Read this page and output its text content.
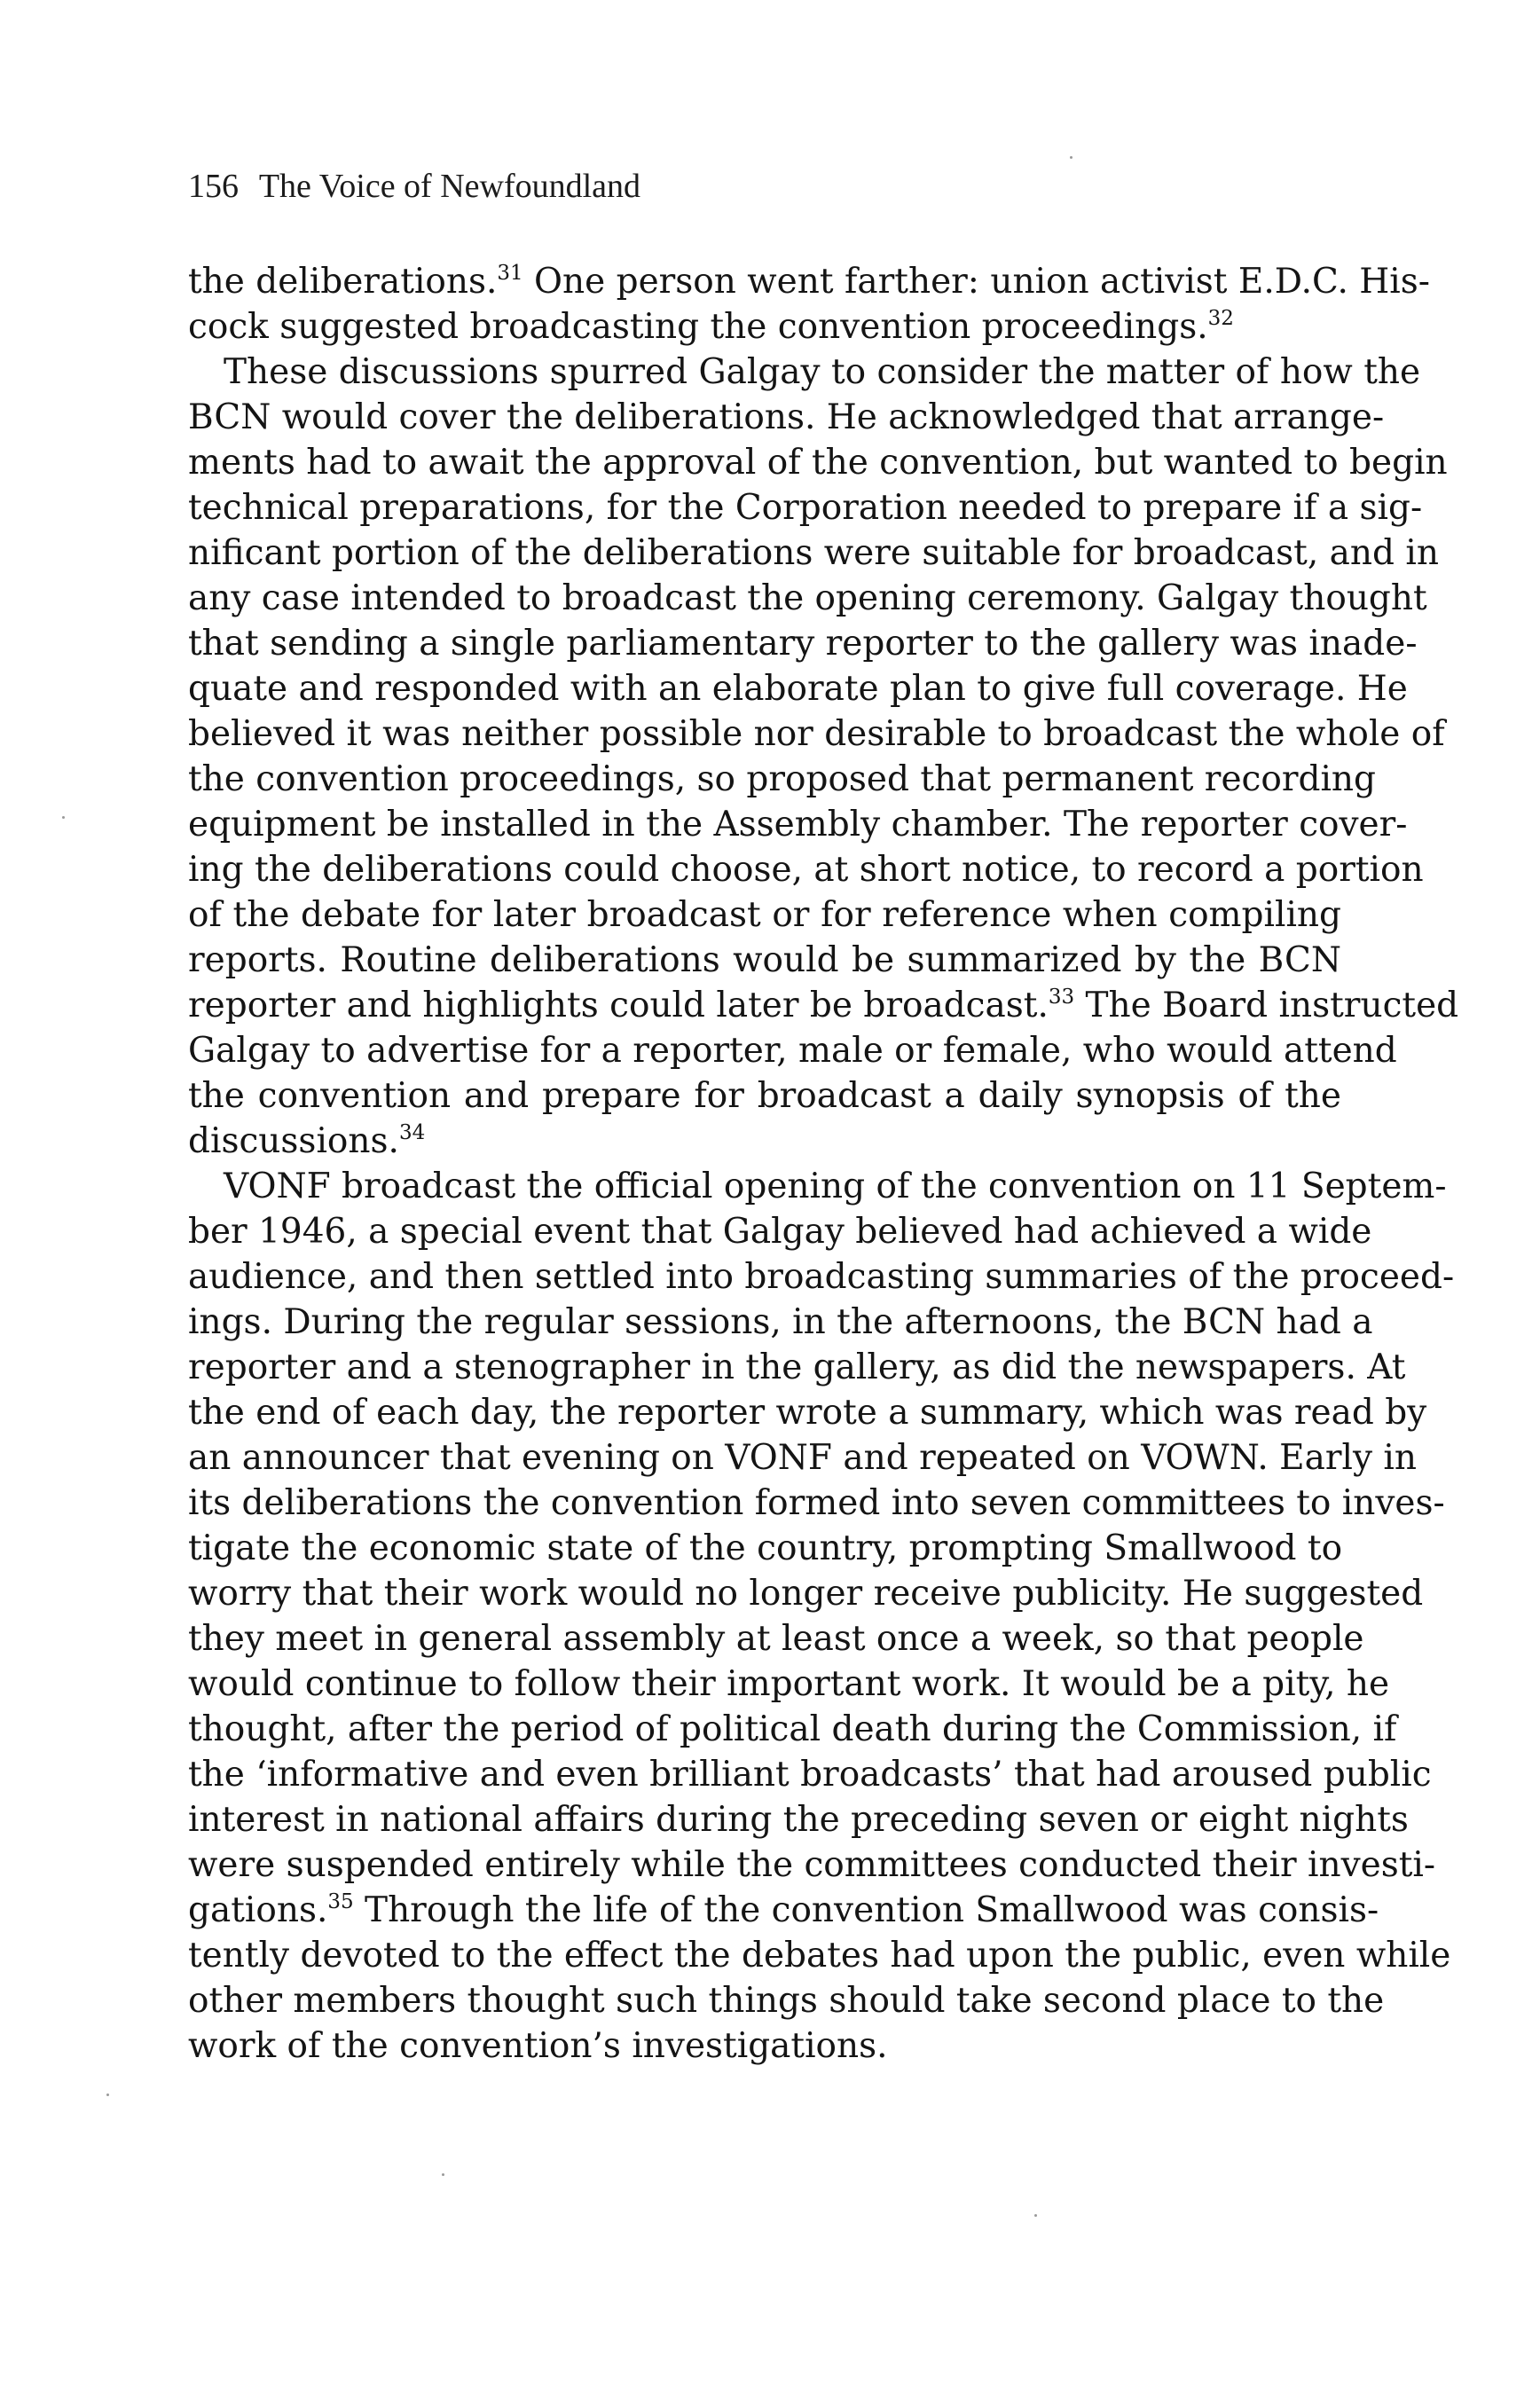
156 The Voice of Newfoundland
the deliberations.$^{31}$ One person went farther: union activist E.D.C. His-
cock suggested broadcasting the convention proceedings.$^{32}$
These discussions spurred Galgay to consider the matter of how the
BCN would cover the deliberations. He acknowledged that arrange-
ments had to await the approval of the convention, but wanted to begin
technical preparations, for the Corporation needed to prepare if a sig-
nificant portion of the deliberations were suitable for broadcast, and in
any case intended to broadcast the opening ceremony. Galgay thought
that sending a single parliamentary reporter to the gallery was inade-
quate and responded with an elaborate plan to give full coverage. He
believed it was neither possible nor desirable to broadcast the whole of
the convention proceedings, so proposed that permanent recording
equipment be installed in the Assembly chamber. The reporter cover-
ing the deliberations could choose, at short notice, to record a portion
of the debate for later broadcast or for reference when compiling
reports. Routine deliberations would be summarized by the BCN
reporter and highlights could later be broadcast.$^{33}$ The Board instructed
Galgay to advertise for a reporter, male or female, who would attend
the convention and prepare for broadcast a daily synopsis of the
discussions.$^{34}$
VONF broadcast the official opening of the convention on 11 Septem-
ber 1946, a special event that Galgay believed had achieved a wide
audience, and then settled into broadcasting summaries of the proceed-
ings. During the regular sessions, in the afternoons, the BCN had a
reporter and a stenographer in the gallery, as did the newspapers. At
the end of each day, the reporter wrote a summary, which was read by
an announcer that evening on VONF and repeated on VOWN. Early in
its deliberations the convention formed into seven committees to inves-
tigate the economic state of the country, prompting Smallwood to
worry that their work would no longer receive publicity. He suggested
they meet in general assembly at least once a week, so that people
would continue to follow their important work. It would be a pity, he
thought, after the period of political death during the Commission, if
the ‘informative and even brilliant broadcasts’ that had aroused public
interest in national affairs during the preceding seven or eight nights
were suspended entirely while the committees conducted their investi-
gations.$^{35}$ Through the life of the convention Smallwood was consis-
tently devoted to the effect the debates had upon the public, even while
other members thought such things should take second place to the
work of the convention’s investigations.
